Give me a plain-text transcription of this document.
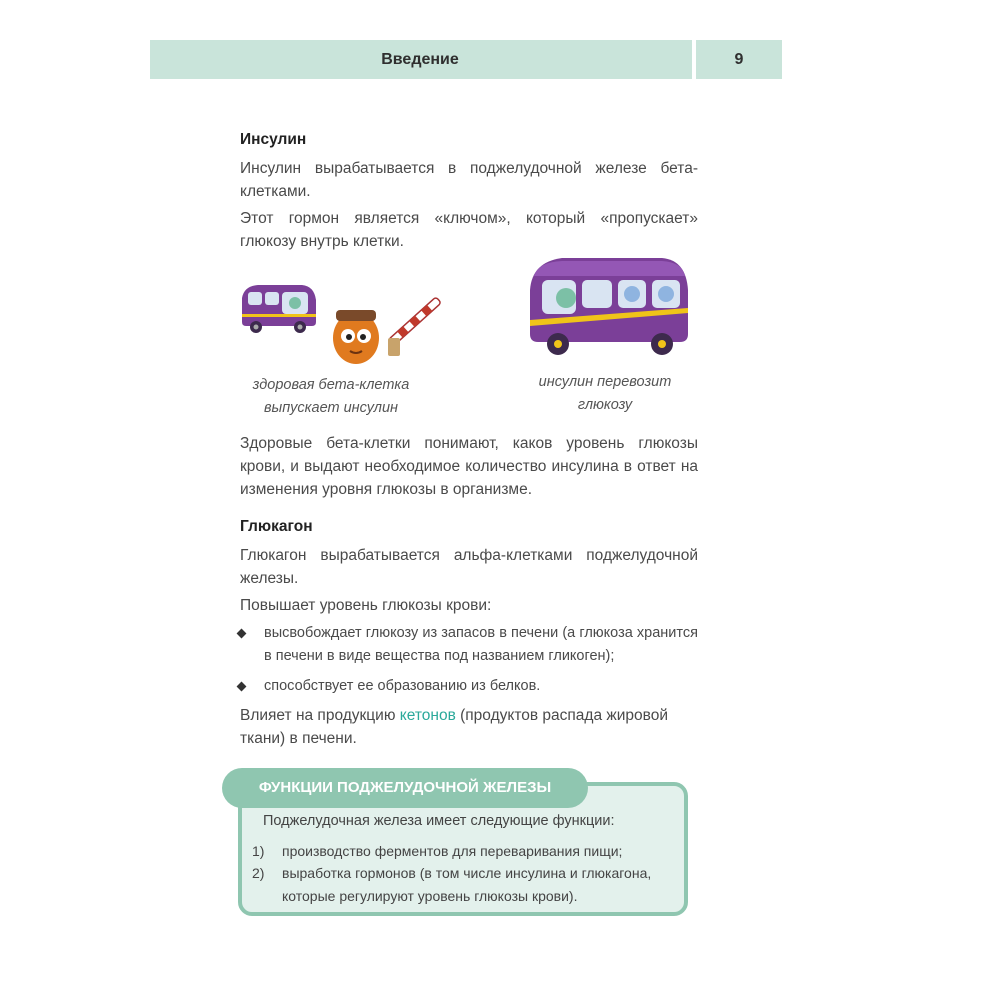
Введение	9
Инсулин
Инсулин вырабатывается в поджелудочной железе бета-клетками.
Этот гормон является «ключом», который «пропускает» глюкозу внутрь клетки.
здоровая бета-клетка
выпускает инсулин
инсулин перевозит
глюкозу
Здоровые бета-клетки понимают, каков уровень глюкозы крови, и выдают необходимое количество инсулина в ответ на изменения уровня глюкозы в организме.
Глюкагон
Глюкагон вырабатывается альфа-клетками поджелудочной железы.
Повышает уровень глюкозы крови:
высвобождает глюкозу из запасов в печени (а глюкоза хранится в печени в виде вещества под названием гликоген);
способствует ее образованию из белков.
Влияет на продукцию кетонов (продуктов распада жировой ткани) в печени.
ФУНКЦИИ ПОДЖЕЛУДОЧНОЙ ЖЕЛЕЗЫ
Поджелудочная железа имеет следующие функции:
1) производство ферментов для переваривания пищи;
2) выработка гормонов (в том числе инсулина и глюкагона, которые регулируют уровень глюкозы крови).
